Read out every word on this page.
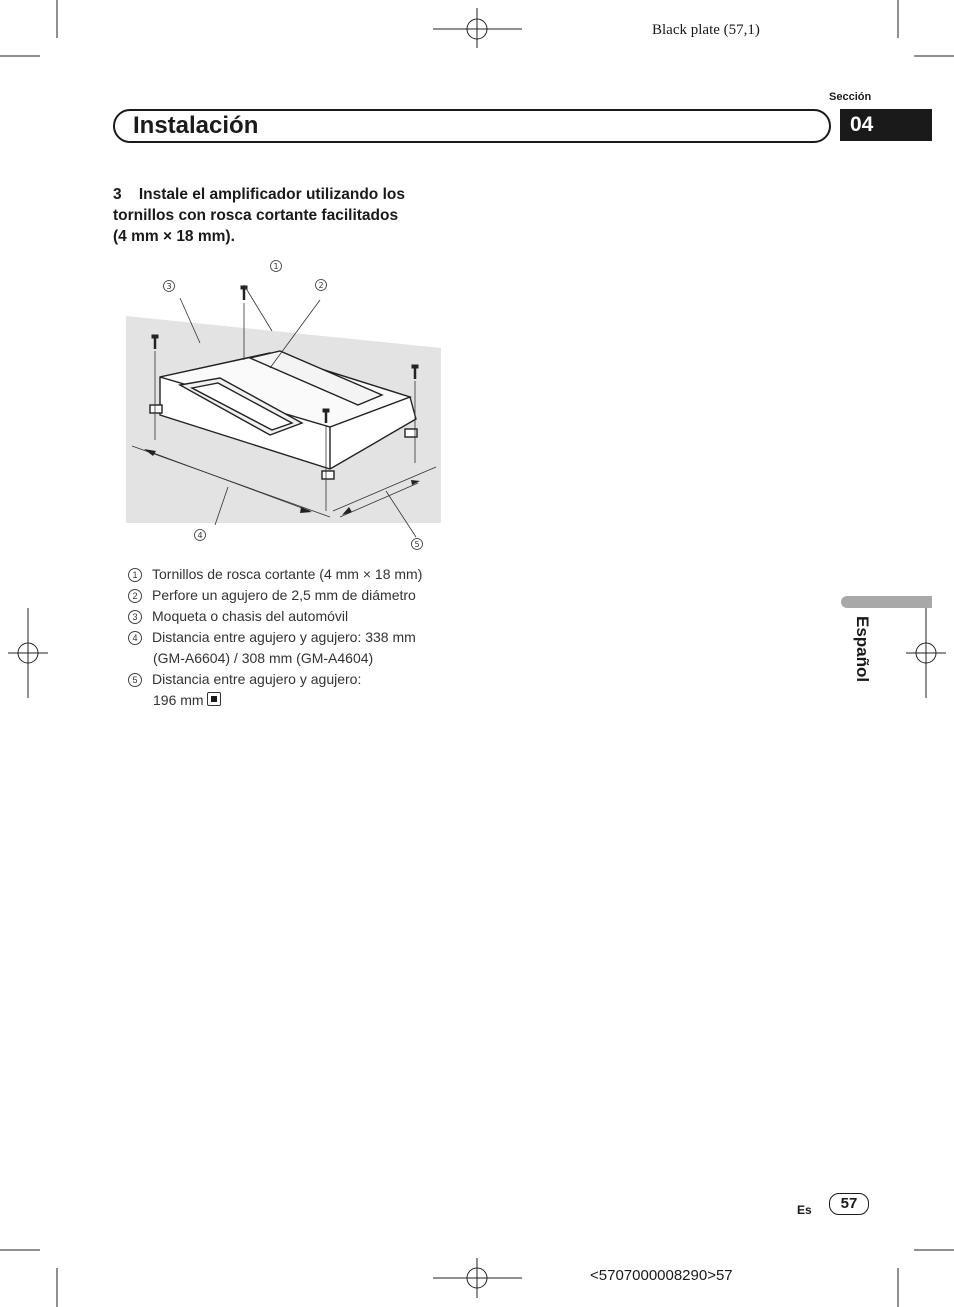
Black plate (57,1)
Sección
Instalación	04
3    Instale el amplificador utilizando los
tornillos con rosca cortante facilitados
(4 mm × 18 mm).
1
2
3
4
5
1	Tornillos de rosca cortante (4 mm × 18 mm)
2	Perfore un agujero de 2,5 mm de diámetro
3	Moqueta o chasis del automóvil
4	Distancia entre agujero y agujero: 338 mm
(GM-A6604) / 308 mm (GM-A4604)
5	Distancia entre agujero y agujero:
196 mm
Español
Es	57
<5707000008290>57
